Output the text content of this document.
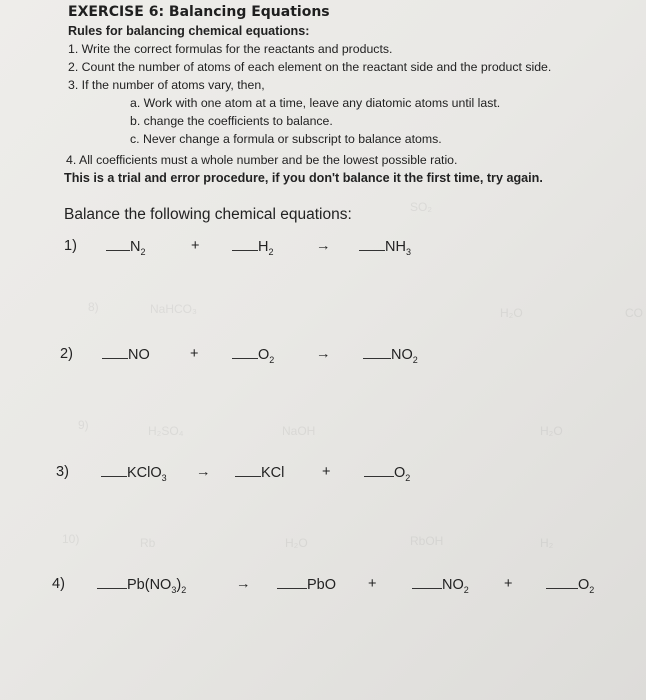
SO₂
8)	NaHCO₃	H₂O	CO
9)	H₂SO₄	NaOH	H₂O
10)	Rb	H₂O	RbOH	H₂
EXERCISE 6: Balancing Equations
Rules for balancing chemical equations:
1. Write the correct formulas for the reactants and products.
2. Count the number of atoms of each element on the reactant side and the product side.
3. If the number of atoms vary, then,
a. Work with one atom at a time, leave any diatomic atoms until last.
b. change the coefficients to balance.
c. Never change a formula or subscript to balance atoms.
4. All coefficients must a whole number and be the lowest possible ratio.
This is a trial and error procedure, if you don't balance it the first time, try again.
Balance the following chemical equations:
1)	$N_2$	+	$H_2$	→	$NH_3$
2)	NO	+	$O_2$	→	$NO_2$
3)	KClO$_3$ →	KCl	+	$O_2$
4)	$Pb(NO_3)_2$	→	PbO +	$NO_2$ +	$O_2$
